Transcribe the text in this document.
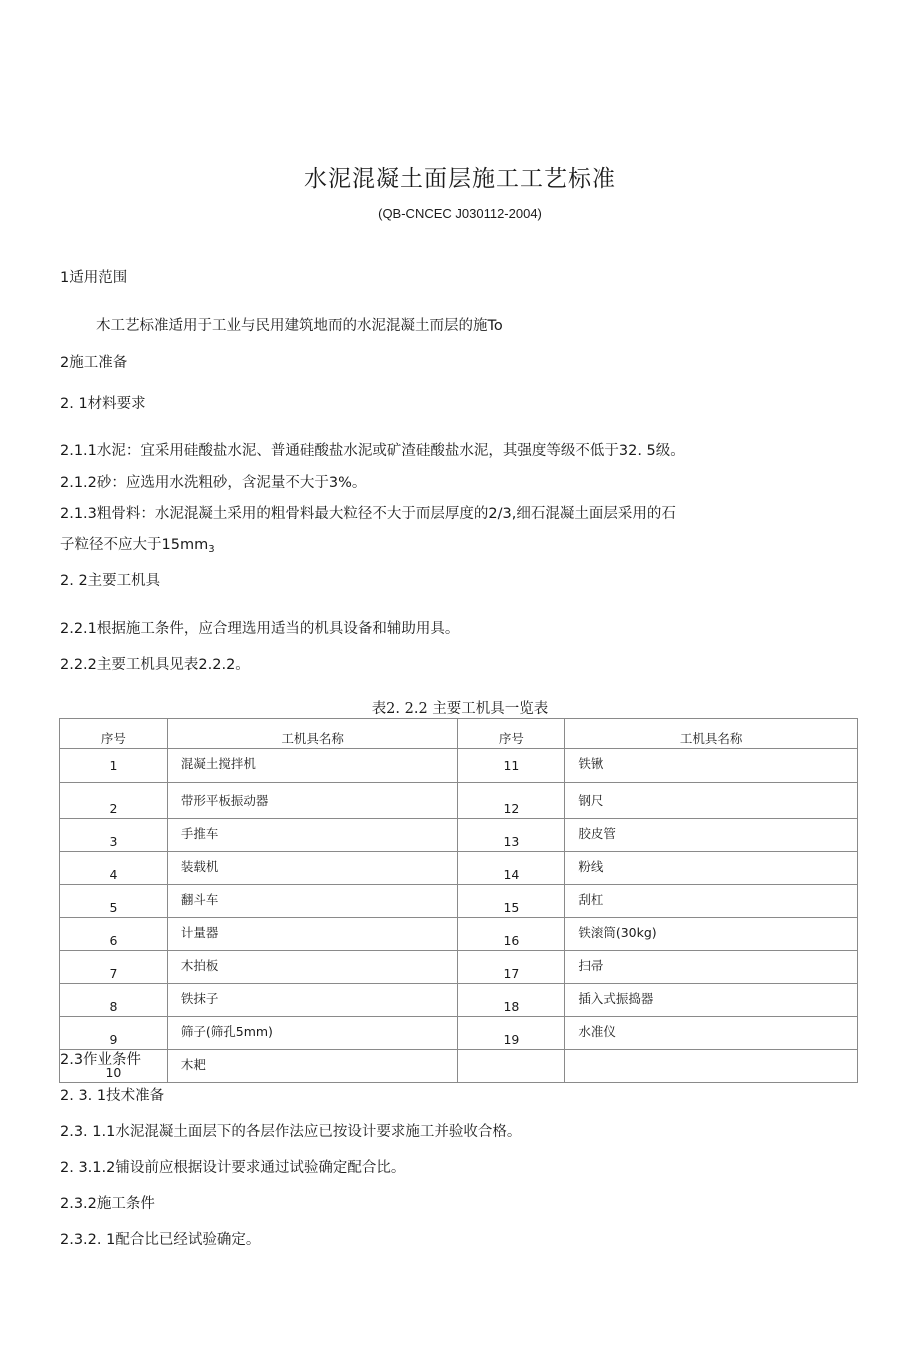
水泥混凝土面层施工工艺标准
(QB-CNCEC J030112-2004)
1适用范围
木工艺标准适用于工业与民用建筑地而的水泥混凝土而层的施To
2施工准备
2. 1材料要求
2.1.1水泥：宜采用硅酸盐水泥、普通硅酸盐水泥或矿渣硅酸盐水泥，其强度等级不低于32. 5级。
2.1.2砂：应选用水洗粗砂，含泥量不大于3%。
2.1.3粗骨料：水泥混凝土采用的粗骨料最大粒径不大于而层厚度的2/3,细石混凝土面层采用的石
子粒径不应大于$15mm_3$
2. 2主要工机具
2.2.1根据施工条件，应合理选用适当的机具设备和辅助用具。
2.2.2主要工机具见表2.2.2。
表2. 2.2 主要工机具一览表
序号	工机具名称	序号	工机具名称
1	混凝土搅拌机	11	铁锹
2	带形平板振动器	12	钢尺
3	手推车	13	胶皮管
4	装载机	14	粉线
5	翻斗车	15	刮杠
6	计量器	16	铁滚筒(30kg)
7	木拍板	17	扫帚
8	铁抹子	18	插入式振捣器
9	筛子(筛孔5mm)	19	水准仪
10	木耙		
2.3作业条件
2. 3. 1技术准备
2.3. 1.1水泥混凝土面层下的各层作法应已按设计要求施工并验收合格。
2. 3.1.2铺设前应根据设计要求通过试验确定配合比。
2.3.2施工条件
2.3.2. 1配合比已经试验确定。
